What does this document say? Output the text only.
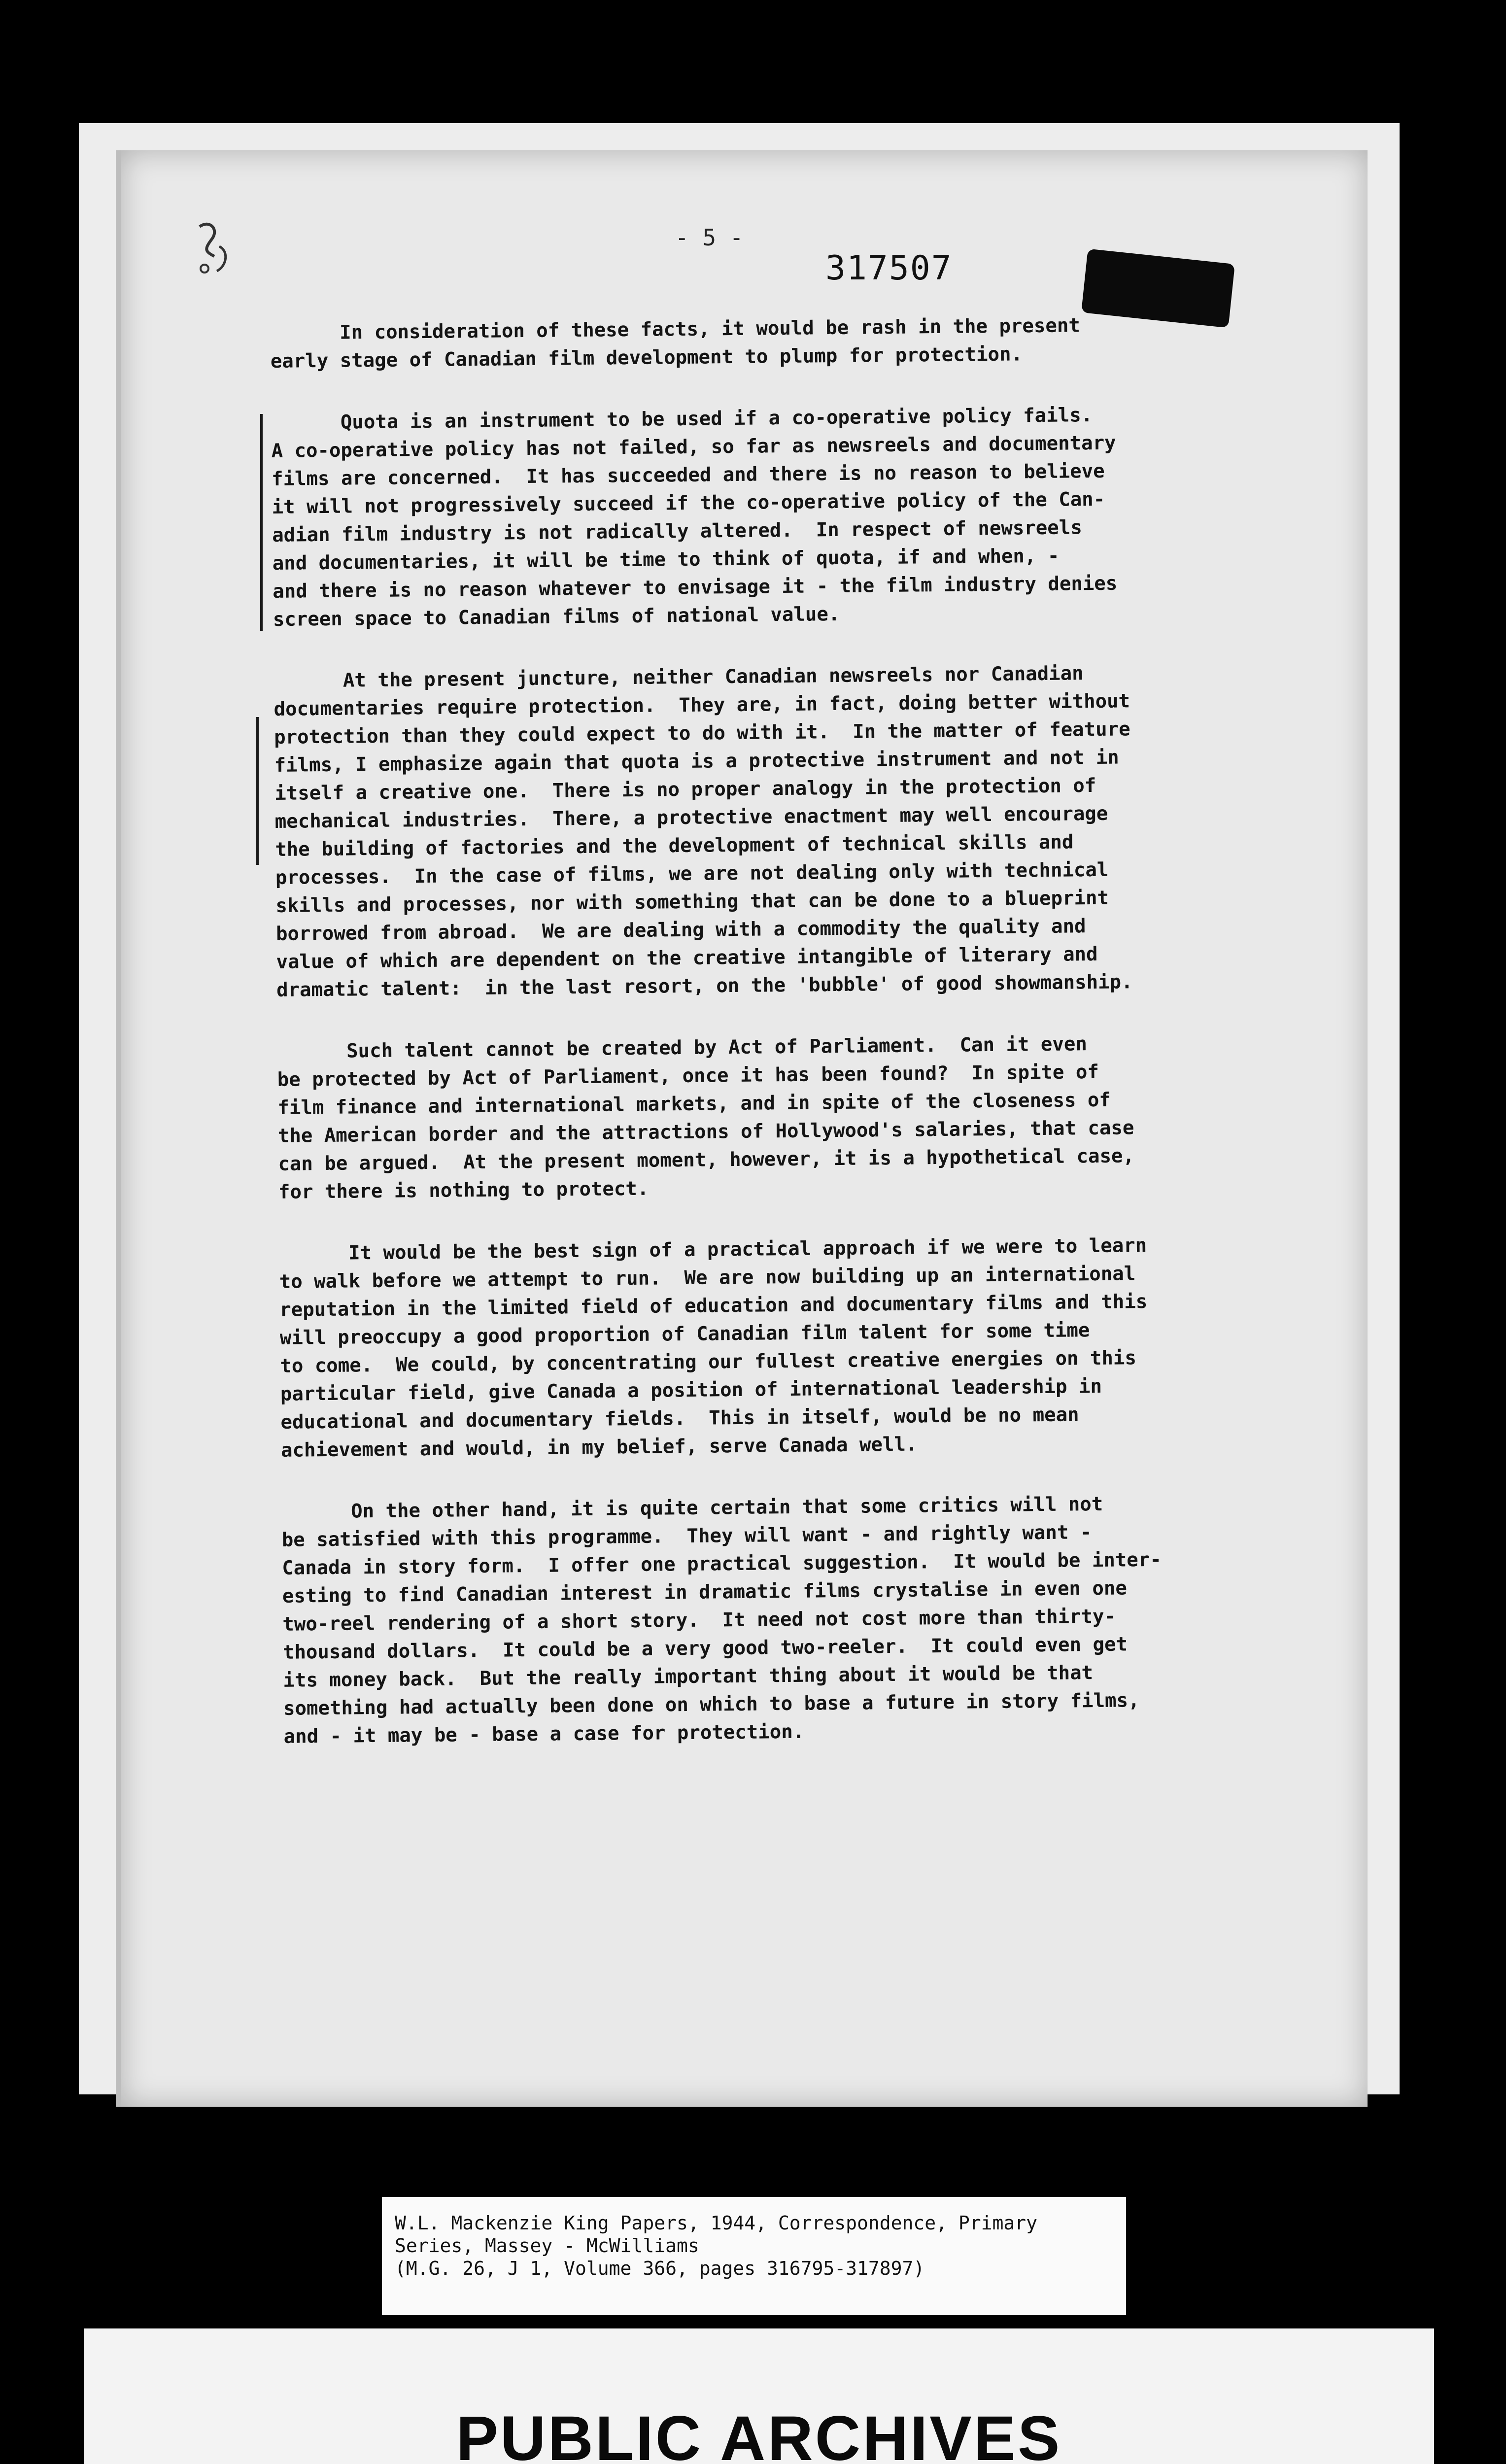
- 5 -
317507
In consideration of these facts, it would be rash in the present
early stage of Canadian film development to plump for protection.
Quota is an instrument to be used if a co-operative policy fails.
A co-operative policy has not failed, so far as newsreels and documentary
films are concerned.  It has succeeded and there is no reason to believe
it will not progressively succeed if the co-operative policy of the Can-
adian film industry is not radically altered.  In respect of newsreels
and documentaries, it will be time to think of quota, if and when, -
and there is no reason whatever to envisage it - the film industry denies
screen space to Canadian films of national value.
At the present juncture, neither Canadian newsreels nor Canadian
documentaries require protection.  They are, in fact, doing better without
protection than they could expect to do with it.  In the matter of feature
films, I emphasize again that quota is a protective instrument and not in
itself a creative one.  There is no proper analogy in the protection of
mechanical industries.  There, a protective enactment may well encourage
the building of factories and the development of technical skills and
processes.  In the case of films, we are not dealing only with technical
skills and processes, nor with something that can be done to a blueprint
borrowed from abroad.  We are dealing with a commodity the quality and
value of which are dependent on the creative intangible of literary and
dramatic talent:  in the last resort, on the 'bubble' of good showmanship.
Such talent cannot be created by Act of Parliament.  Can it even
be protected by Act of Parliament, once it has been found?  In spite of
film finance and international markets, and in spite of the closeness of
the American border and the attractions of Hollywood's salaries, that case
can be argued.  At the present moment, however, it is a hypothetical case,
for there is nothing to protect.
It would be the best sign of a practical approach if we were to learn
to walk before we attempt to run.  We are now building up an international
reputation in the limited field of education and documentary films and this
will preoccupy a good proportion of Canadian film talent for some time
to come.  We could, by concentrating our fullest creative energies on this
particular field, give Canada a position of international leadership in
educational and documentary fields.  This in itself, would be no mean
achievement and would, in my belief, serve Canada well.
On the other hand, it is quite certain that some critics will not
be satisfied with this programme.  They will want - and rightly want -
Canada in story form.  I offer one practical suggestion.  It would be inter-
esting to find Canadian interest in dramatic films crystalise in even one
two-reel rendering of a short story.  It need not cost more than thirty-
thousand dollars.  It could be a very good two-reeler.  It could even get
its money back.  But the really important thing about it would be that
something had actually been done on which to base a future in story films,
and - it may be - base a case for protection.
W.L. Mackenzie King Papers, 1944, Correspondence, Primary
Series, Massey - McWilliams
(M.G. 26, J 1, Volume 366, pages 316795-317897)
PUBLIC ARCHIVES
